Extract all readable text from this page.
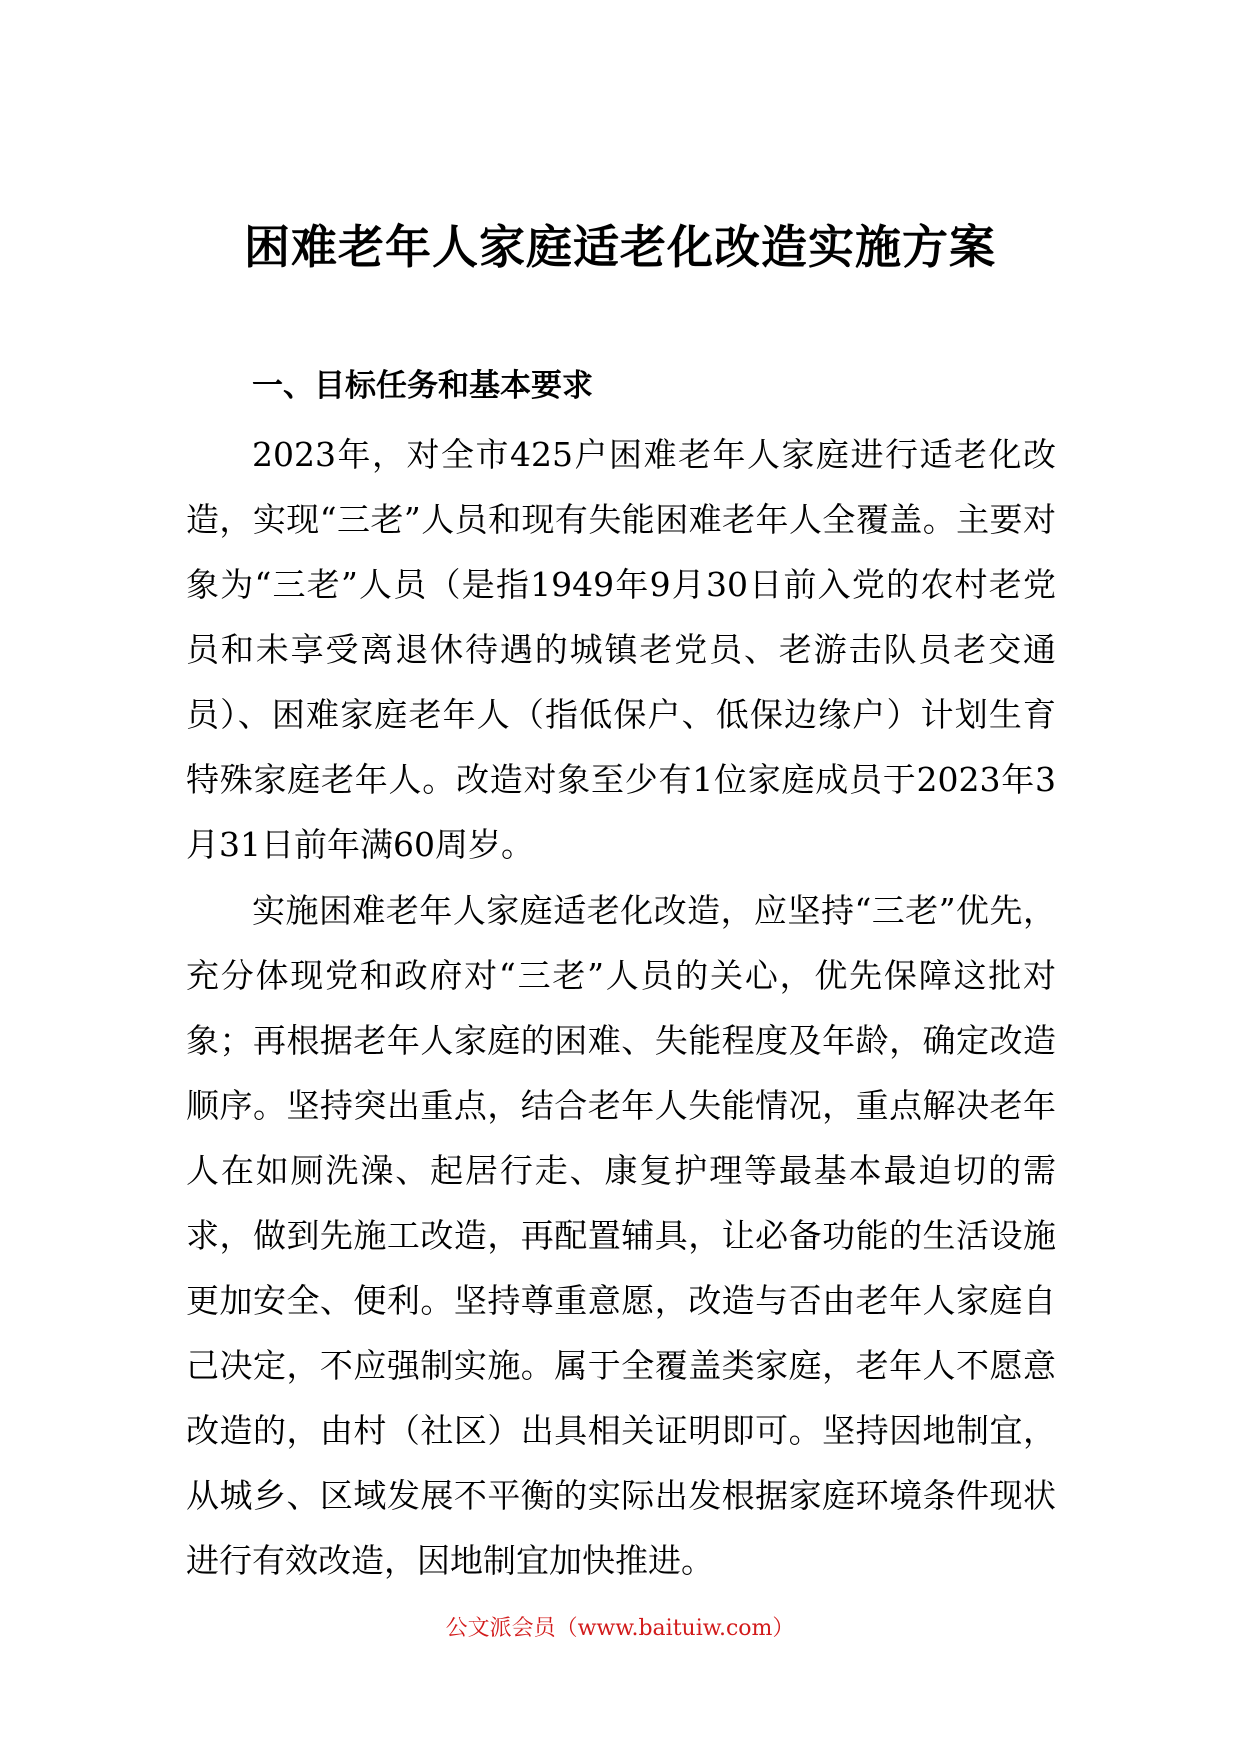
困难老年人家庭适老化改造实施方案
一、目标任务和基本要求

2023年，对全市425户困难老年人家庭进行适老化改造，实现“三老”人员和现有失能困难老年人全覆盖。主要对象为“三老”人员（是指1949年9月30日前入党的农村老党员和未享受离退休待遇的城镇老党员、老游击队员老交通员）、困难家庭老年人（指低保户、低保边缘户）计划生育特殊家庭老年人。改造对象至少有1位家庭成员于2023年3月31日前年满60周岁。

实施困难老年人家庭适老化改造，应坚持“三老”优先，充分体现党和政府对“三老”人员的关心，优先保障这批对象；再根据老年人家庭的困难、失能程度及年龄，确定改造顺序。坚持突出重点，结合老年人失能情况，重点解决老年人在如厕洗澡、起居行走、康复护理等最基本最迫切的需求，做到先施工改造，再配置辅具，让必备功能的生活设施更加安全、便利。坚持尊重意愿，改造与否由老年人家庭自己决定，不应强制实施。属于全覆盖类家庭，老年人不愿意改造的，由村（社区）出具相关证明即可。坚持因地制宜，从城乡、区域发展不平衡的实际出发根据家庭环境条件现状进行有效改造，因地制宜加快推进。

公文派会员（www.baituiw.com）
